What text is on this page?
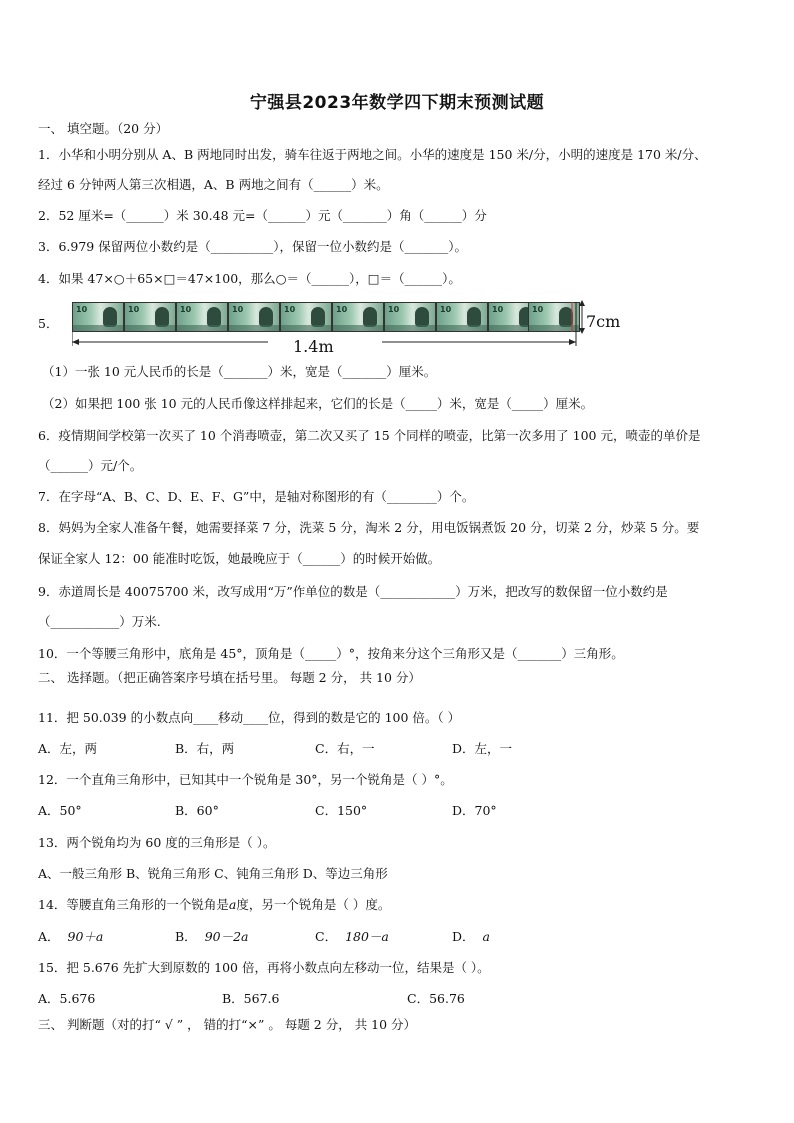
宁强县2023年数学四下期末预测试题
一、 填空题。（20 分）
1．小华和小明分别从 A、B 两地同时出发，骑车往返于两地之间。小华的速度是 150 米/分，小明的速度是 170 米/分、
经过 6 分钟两人第三次相遇，A、B 两地之间有（______）米。
2．52 厘米=（______）米 30.48 元=（______）元（_______）角（______）分
3．6.979 保留两位小数约是（__________），保留一位小数约是（_______）。
4．如果 47×○＋65×□＝47×100，那么○＝（______），□＝（______）。
5．
10	10	10	10	10	10	10	10	10	10
7cm
1.4m
（1）一张 10 元人民币的长是（_______）米，宽是（_______）厘米。
（2）如果把 100 张 10 元的人民币像这样排起来，它们的长是（_____）米，宽是（_____）厘米。
6．疫情期间学校第一次买了 10 个消毒喷壶，第二次又买了 15 个同样的喷壶，比第一次多用了 100 元，喷壶的单价是
（______）元/个。
7．在字母“A、B、C、D、E、F、G”中，是轴对称图形的有（________）个。
8．妈妈为全家人准备午餐，她需要择菜 7 分，洗菜 5 分，淘米 2 分，用电饭锅煮饭 20 分，切菜 2 分，炒菜 5 分。要
保证全家人 12：00 能准时吃饭，她最晚应于（______）的时候开始做。
9．赤道周长是 40075700 米，改写成用“万”作单位的数是（____________）万米，把改写的数保留一位小数约是
（___________）万米.
10．一个等腰三角形中，底角是 45°，顶角是（_____）°，按角来分这个三角形又是（_______）三角形。
二、 选择题。（把正确答案序号填在括号里。 每题 2 分， 共 10 分）
11．把 50.039 的小数点向____移动____位，得到的数是它的 100 倍。（ ）
A．左，两	B．右，两	C．右，一	D．左，一
12．一个直角三角形中，已知其中一个锐角是 30°，另一个锐角是（ ）°。
A．50°	B．60°	C．150°	D．70°
13．两个锐角均为 60 度的三角形是（ ）。
A、一般三角形 B、锐角三角形 C、钝角三角形 D、等边三角形
14．等腰直角三角形的一个锐角是a度，另一个锐角是（ ）度。
A． 90＋a	B． 90－2a	C． 180－a	D． a
15．把 5.676 先扩大到原数的 100 倍，再将小数点向左移动一位，结果是（ ）。
A．5.676	B．567.6	C．56.76
三、 判断题（对的打“ √ ” ， 错的打“×” 。 每题 2 分， 共 10 分）
